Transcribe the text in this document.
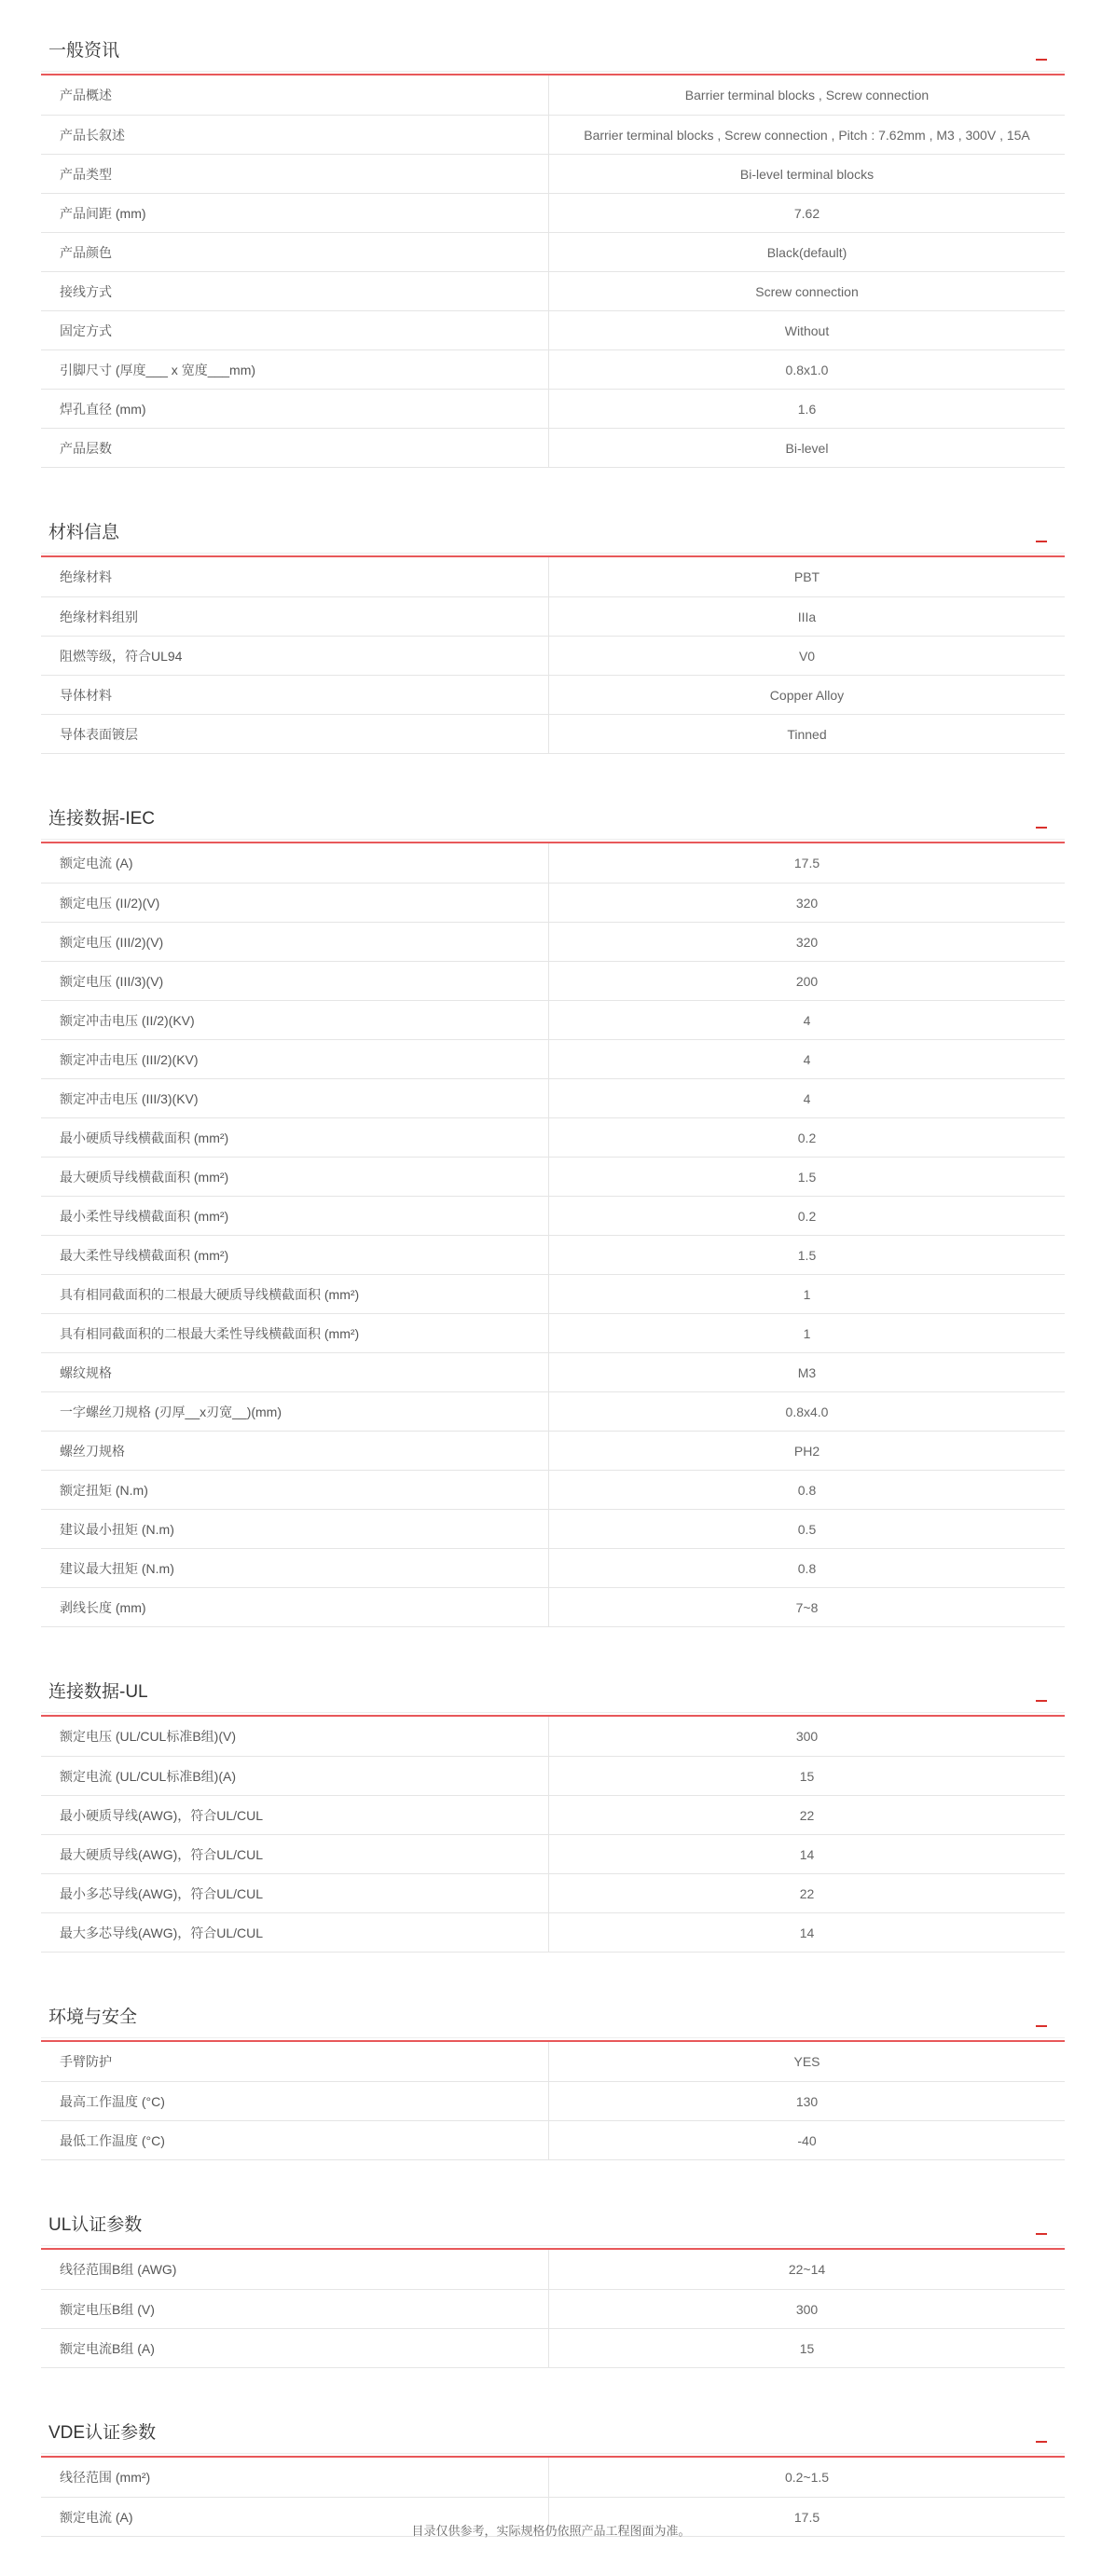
一般资讯
产品概述	Barrier terminal blocks , Screw connection
产品长叙述	Barrier terminal blocks , Screw connection , Pitch : 7.62mm , M3 , 300V , 15A
产品类型	Bi-level terminal blocks
产品间距 (mm)	7.62
产品颜色	Black(default)
接线方式	Screw connection
固定方式	Without
引脚尺寸 (厚度___ x 宽度___mm)	0.8x1.0
焊孔直径 (mm)	1.6
产品层数	Bi-level
材料信息
绝缘材料	PBT
绝缘材料组别	IIIa
阻燃等级，符合UL94	V0
导体材料	Copper Alloy
导体表面镀层	Tinned
连接数据-IEC
额定电流 (A)	17.5
额定电压 (II/2)(V)	320
额定电压 (III/2)(V)	320
额定电压 (III/3)(V)	200
额定冲击电压 (II/2)(KV)	4
额定冲击电压 (III/2)(KV)	4
额定冲击电压 (III/3)(KV)	4
最小硬质导线横截面积 (mm²)	0.2
最大硬质导线横截面积 (mm²)	1.5
最小柔性导线横截面积 (mm²)	0.2
最大柔性导线横截面积 (mm²)	1.5
具有相同截面积的二根最大硬质导线横截面积 (mm²)	1
具有相同截面积的二根最大柔性导线横截面积 (mm²)	1
螺纹规格	M3
一字螺丝刀规格 (刃厚__x刃宽__)(mm)	0.8x4.0
螺丝刀规格	PH2
额定扭矩 (N.m)	0.8
建议最小扭矩 (N.m)	0.5
建议最大扭矩 (N.m)	0.8
剥线长度 (mm)	7~8
连接数据-UL
额定电压 (UL/CUL标准B组)(V)	300
额定电流 (UL/CUL标准B组)(A)	15
最小硬质导线(AWG)，符合UL/CUL	22
最大硬质导线(AWG)，符合UL/CUL	14
最小多芯导线(AWG)，符合UL/CUL	22
最大多芯导线(AWG)，符合UL/CUL	14
环境与安全
手臂防护	YES
最高工作温度 (°C)	130
最低工作温度 (°C)	-40
UL认证参数
线径范围B组 (AWG)	22~14
额定电压B组 (V)	300
额定电流B组 (A)	15
VDE认证参数
线径范围 (mm²)	0.2~1.5
额定电流 (A)	17.5
目录仅供参考，实际规格仍依照产品工程图面为准。
